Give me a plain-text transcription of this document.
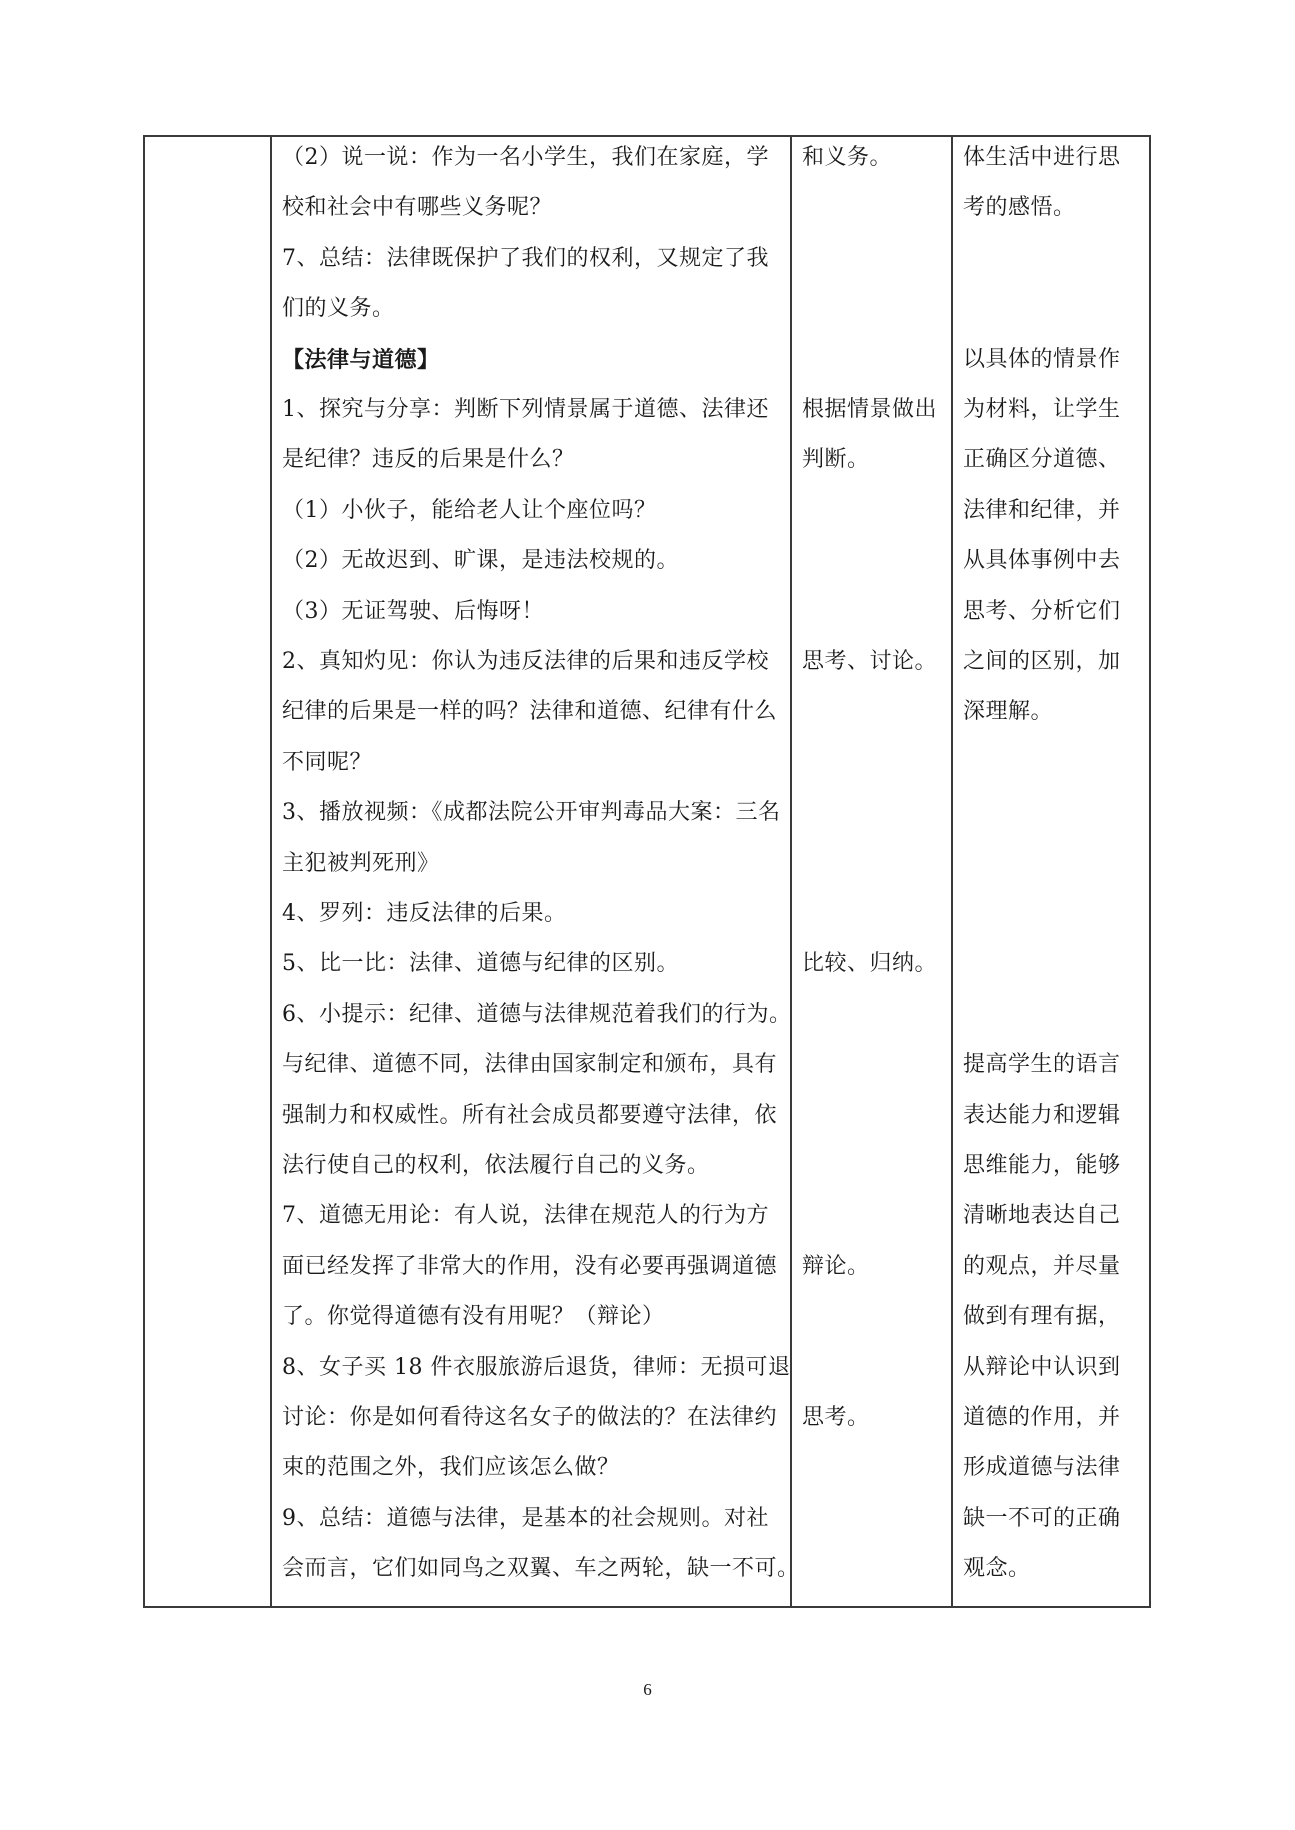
（2）说一说：作为一名小学生，我们在家庭，学
校和社会中有哪些义务呢？
7、总结：法律既保护了我们的权利，又规定了我
们的义务。
【法律与道德】
1、探究与分享：判断下列情景属于道德、法律还
是纪律？违反的后果是什么？
（1）小伙子，能给老人让个座位吗？
（2）无故迟到、旷课，是违法校规的。
（3）无证驾驶、后悔呀！
2、真知灼见：你认为违反法律的后果和违反学校
纪律的后果是一样的吗？法律和道德、纪律有什么
不同呢？
3、播放视频：《成都法院公开审判毒品大案：三名
主犯被判死刑》
4、罗列：违反法律的后果。
5、比一比：法律、道德与纪律的区别。
6、小提示：纪律、道德与法律规范着我们的行为。
与纪律、道德不同，法律由国家制定和颁布，具有
强制力和权威性。所有社会成员都要遵守法律，依
法行使自己的权利，依法履行自己的义务。
7、道德无用论：有人说，法律在规范人的行为方
面已经发挥了非常大的作用，没有必要再强调道德
了。你觉得道德有没有用呢？（辩论）
8、女子买 18 件衣服旅游后退货，律师：无损可退
讨论：你是如何看待这名女子的做法的？在法律约
束的范围之外，我们应该怎么做？
9、总结：道德与法律，是基本的社会规则。对社
会而言，它们如同鸟之双翼、车之两轮，缺一不可。
和义务。
根据情景做出
判断。
思考、讨论。
比较、归纳。
辩论。
思考。
体生活中进行思
考的感悟。
以具体的情景作
为材料，让学生
正确区分道德、
法律和纪律，并
从具体事例中去
思考、分析它们
之间的区别，加
深理解。
提高学生的语言
表达能力和逻辑
思维能力，能够
清晰地表达自己
的观点，并尽量
做到有理有据，
从辩论中认识到
道德的作用，并
形成道德与法律
缺一不可的正确
观念。
6
